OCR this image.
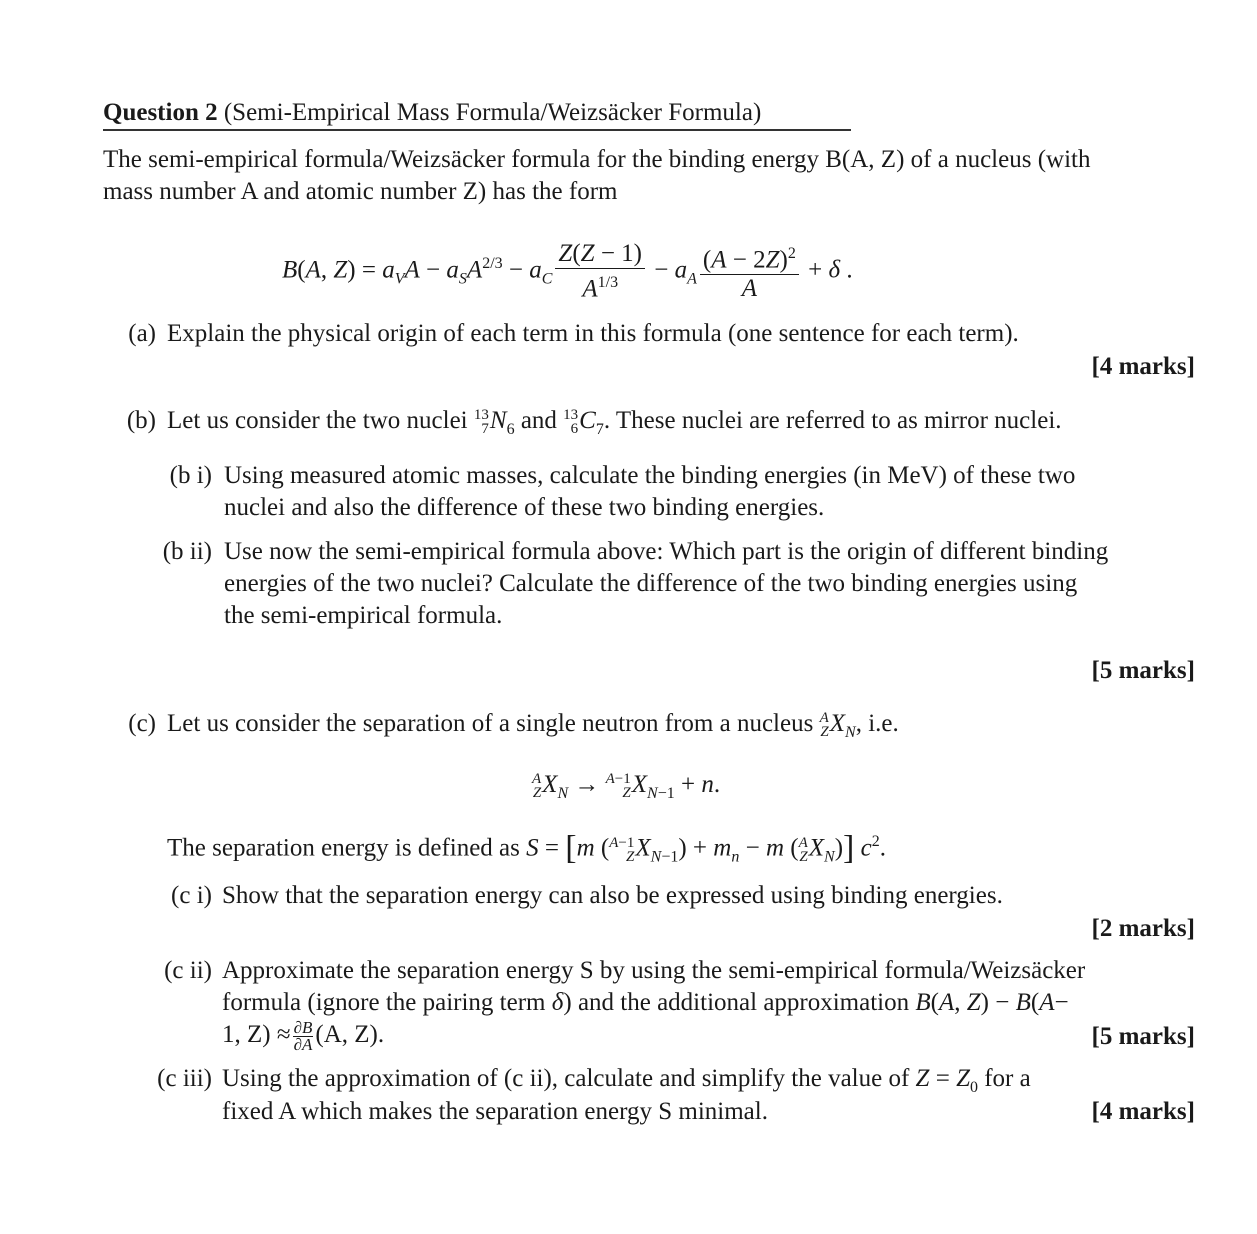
Question 2 (Semi-Empirical Mass Formula/Weizsäcker Formula)
The semi-empirical formula/Weizsäcker formula for the binding energy B(A, Z) of a nucleus (with
mass number A and atomic number Z) has the form
B(A, $Z) = a_VA - a_SA^{2/3} - a_C \frac{Z(Z - 1)}{A^{1/3}} - a_A \frac{(A - 2Z)^2}{A} + \delta$ .
(a) Explain the physical origin of each term in this formula (one sentence for each term).
[4 marks]
(b) Let us consider the two nuclei 13
7 $N_6$ and 13
6 $C_7$. These nuclei are referred to as mirror nuclei.
(b i) Using measured atomic masses, calculate the binding energies (in MeV) of these two
nuclei and also the difference of these two binding energies.
(b ii) Use now the semi-empirical formula above: Which part is the origin of different binding
energies of the two nuclei? Calculate the difference of the two binding energies using
the semi-empirical formula.
[5 marks]
(c) Let us consider the separation of a single neutron from a nucleus A
Z $X_N$, i.e.
A
Z $X_N \to A-1$
Z $X_{N-1} + n$.
The separation energy is defined as S = [m ( A−1
Z $X_{N-1}) + m_n - m$ ( A
Z $X_N$)] $c^2$.
(c i) Show that the separation energy can also be expressed using binding energies.
[2 marks]
(c ii) Approximate the separation energy S by using the semi-empirical formula/Weizsäcker
formula (ignore the pairing term δ) and the additional approximation B(A, Z) − B(A−
1, $Z) \approx \frac{\partial B}{\partial A} (A$, Z).	[5 marks]
(c iii) Using the approximation of (c ii), calculate and simplify the value of $Z = Z_0$ for a
fixed A which makes the separation energy S minimal.	[4 marks]
